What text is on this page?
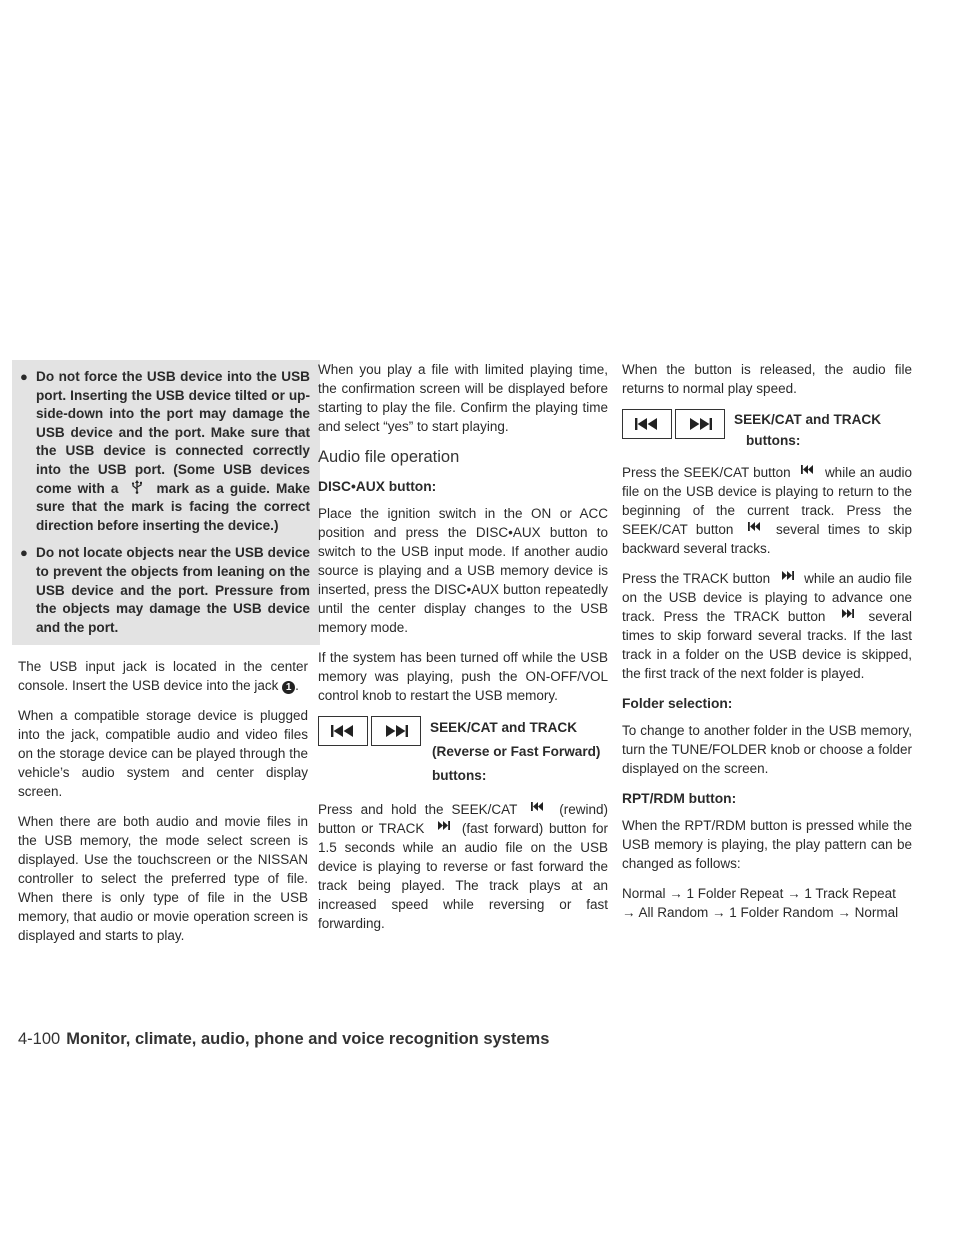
● Do not force the USB device into the USB port. Inserting the USB device tilted or up-side-down into the port may damage the USB device and the port. Make sure that the USB device is connected correctly into the USB port. (Some USB devices come with a	mark as a guide. Make sure that the mark is facing the correct direction before inserting the device.)
● Do not locate objects near the USB device to prevent the objects from leaning on the USB device and the port. Pressure from the objects may damage the USB device and the port.

The USB input jack is located in the center console. Insert the USB device into the jack 1 .

When a compatible storage device is plugged into the jack, compatible audio and video files on the storage device can be played through the vehicle’s audio system and center display screen.

When there are both audio and movie files in the USB memory, the mode select screen is displayed. Use the touchscreen or the NISSAN controller to select the preferred type of file. When there is only type of file in the USB memory, that audio or movie operation screen is displayed and starts to play.

When you play a file with limited playing time, the confirmation screen will be displayed before starting to play the file. Confirm the playing time and select “yes” to start playing.

Audio file operation
DISC•AUX button:

Place the ignition switch in the ON or ACC position and press the DISC•AUX button to switch to the USB input mode. If another audio source is playing and a USB memory device is inserted, press the DISC•AUX button repeatedly until the center display changes to the USB memory mode.

If the system has been turned off while the USB memory was playing, push the ON-OFF/VOL control knob to restart the USB memory.

SEEK/CAT and TRACK
(Reverse or Fast Forward)
buttons:

Press and hold the SEEK/CAT	(rewind) button or TRACK	(fast forward) button for 1.5 seconds while an audio file on the USB device is playing to reverse or fast forward the track being played. The track plays at an increased speed while reversing or fast forwarding.

When the button is released, the audio file returns to normal play speed.

SEEK/CAT and TRACK
buttons:

Press the SEEK/CAT button	while an audio file on the USB device is playing to return to the beginning of the current track. Press the SEEK/CAT button	several times to skip backward several tracks.

Press the TRACK button	while an audio file on the USB device is playing to advance one track. Press the TRACK button	several times to skip forward several tracks. If the last track in a folder on the USB device is skipped, the first track of the next folder is played.

Folder selection:

To change to another folder in the USB memory, turn the TUNE/FOLDER knob or choose a folder displayed on the screen.

RPT/RDM button:

When the RPT/RDM button is pressed while the USB memory is playing, the play pattern can be changed as follows:

Normal → 1 Folder Repeat → 1 Track Repeat → All Random → 1 Folder Random → Normal

4-100 Monitor, climate, audio, phone and voice recognition systems
